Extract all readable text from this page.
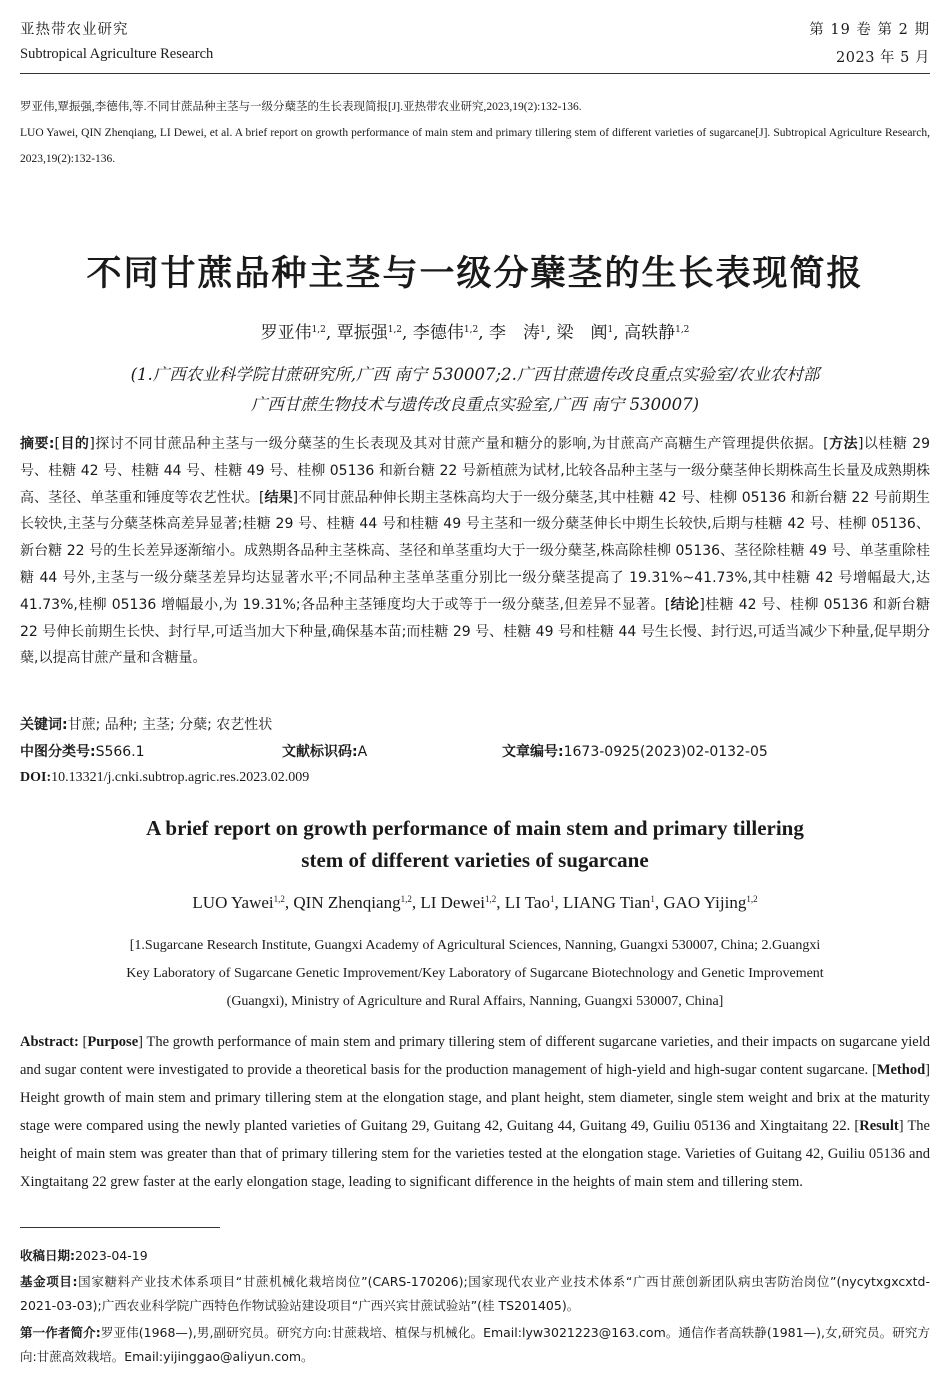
亚热带农业研究
Subtropical Agriculture Research
第 19 卷 第 2 期
2023 年 5 月
罗亚伟,覃振强,李德伟,等.不同甘蔗品种主茎与一级分蘖茎的生长表现简报[J].亚热带农业研究,2023,19(2):132-136.
LUO Yawei, QIN Zhenqiang, LI Dewei, et al. A brief report on growth performance of main stem and primary tillering stem of different varieties of sugarcane[J]. Subtropical Agriculture Research, 2023,19(2):132-136.
不同甘蔗品种主茎与一级分蘖茎的生长表现简报
罗亚伟$^{1,2}$, 覃振强$^{1,2}$, 李德伟$^{1,2}$, 李　涛$^1$, 梁　阗$^1$, 高轶静$^{1,2}$
(1.广西农业科学院甘蔗研究所,广西 南宁 530007;2.广西甘蔗遗传改良重点实验室/农业农村部
广西甘蔗生物技术与遗传改良重点实验室,广西 南宁 530007)
摘要:[目的]探讨不同甘蔗品种主茎与一级分蘖茎的生长表现及其对甘蔗产量和糖分的影响,为甘蔗高产高糖生产管理提供依据。[方法]以桂糖 29 号、桂糖 42 号、桂糖 44 号、桂糖 49 号、桂柳 05136 和新台糖 22 号新植蔗为试材,比较各品种主茎与一级分蘖茎伸长期株高生长量及成熟期株高、茎径、单茎重和锤度等农艺性状。[结果]不同甘蔗品种伸长期主茎株高均大于一级分蘖茎,其中桂糖 42 号、桂柳 05136 和新台糖 22 号前期生长较快,主茎与分蘖茎株高差异显著;桂糖 29 号、桂糖 44 号和桂糖 49 号主茎和一级分蘖茎伸长中期生长较快,后期与桂糖 42 号、桂柳 05136、新台糖 22 号的生长差异逐渐缩小。成熟期各品种主茎株高、茎径和单茎重均大于一级分蘖茎,株高除桂柳 05136、茎径除桂糖 49 号、单茎重除桂糖 44 号外,主茎与一级分蘖茎差异均达显著水平;不同品种主茎单茎重分别比一级分蘖茎提高了 19.31%~41.73%,其中桂糖 42 号增幅最大,达 41.73%,桂柳 05136 增幅最小,为 19.31%;各品种主茎锤度均大于或等于一级分蘖茎,但差异不显著。[结论]桂糖 42 号、桂柳 05136 和新台糖 22 号伸长前期生长快、封行早,可适当加大下种量,确保基本苗;而桂糖 29 号、桂糖 49 号和桂糖 44 号生长慢、封行迟,可适当减少下种量,促早期分蘖,以提高甘蔗产量和含糖量。
关键词:甘蔗; 品种; 主茎; 分蘖; 农艺性状
中图分类号:S566.1	文献标识码:A	文章编号:1673-0925(2023)02-0132-05
DOI:10.13321/j.cnki.subtrop.agric.res.2023.02.009
A brief report on growth performance of main stem and primary tillering
stem of different varieties of sugarcane
LUO Yawei$^{1,2}$, QIN Zhenqiang$^{1,2}$, LI Dewei$^{1,2}$, LI Tao$^1$, LIANG Tian$^1$, GAO Yijing$^{1,2}$
[1.Sugarcane Research Institute, Guangxi Academy of Agricultural Sciences, Nanning, Guangxi 530007, China; 2.Guangxi
Key Laboratory of Sugarcane Genetic Improvement/Key Laboratory of Sugarcane Biotechnology and Genetic Improvement
(Guangxi), Ministry of Agriculture and Rural Affairs, Nanning, Guangxi 530007, China]
Abstract: [Purpose] The growth performance of main stem and primary tillering stem of different sugarcane varieties, and their impacts on sugarcane yield and sugar content were investigated to provide a theoretical basis for the production management of high-yield and high-sugar content sugarcane. [Method] Height growth of main stem and primary tillering stem at the elongation stage, and plant height, stem diameter, single stem weight and brix at the maturity stage were compared using the newly planted varieties of Guitang 29, Guitang 42, Guitang 44, Guitang 49, Guiliu 05136 and Xingtaitang 22. [Result] The height of main stem was greater than that of primary tillering stem for the varieties tested at the elongation stage. Varieties of Guitang 42, Guiliu 05136 and Xingtaitang 22 grew faster at the early elongation stage, leading to significant difference in the heights of main stem and tillering stem.
收稿日期:2023-04-19
基金项目:国家糖料产业技术体系项目“甘蔗机械化栽培岗位”(CARS-170206);国家现代农业产业技术体系“广西甘蔗创新团队病虫害防治岗位”(nycytxgxcxtd-2021-03-03);广西农业科学院广西特色作物试验站建设项目“广西兴宾甘蔗试验站”(桂 TS201405)。
第一作者简介:罗亚伟(1968—),男,副研究员。研究方向:甘蔗栽培、植保与机械化。Email:lyw3021223@163.com。通信作者高轶静(1981—),女,研究员。研究方向:甘蔗高效栽培。Email:yijinggao@aliyun.com。
